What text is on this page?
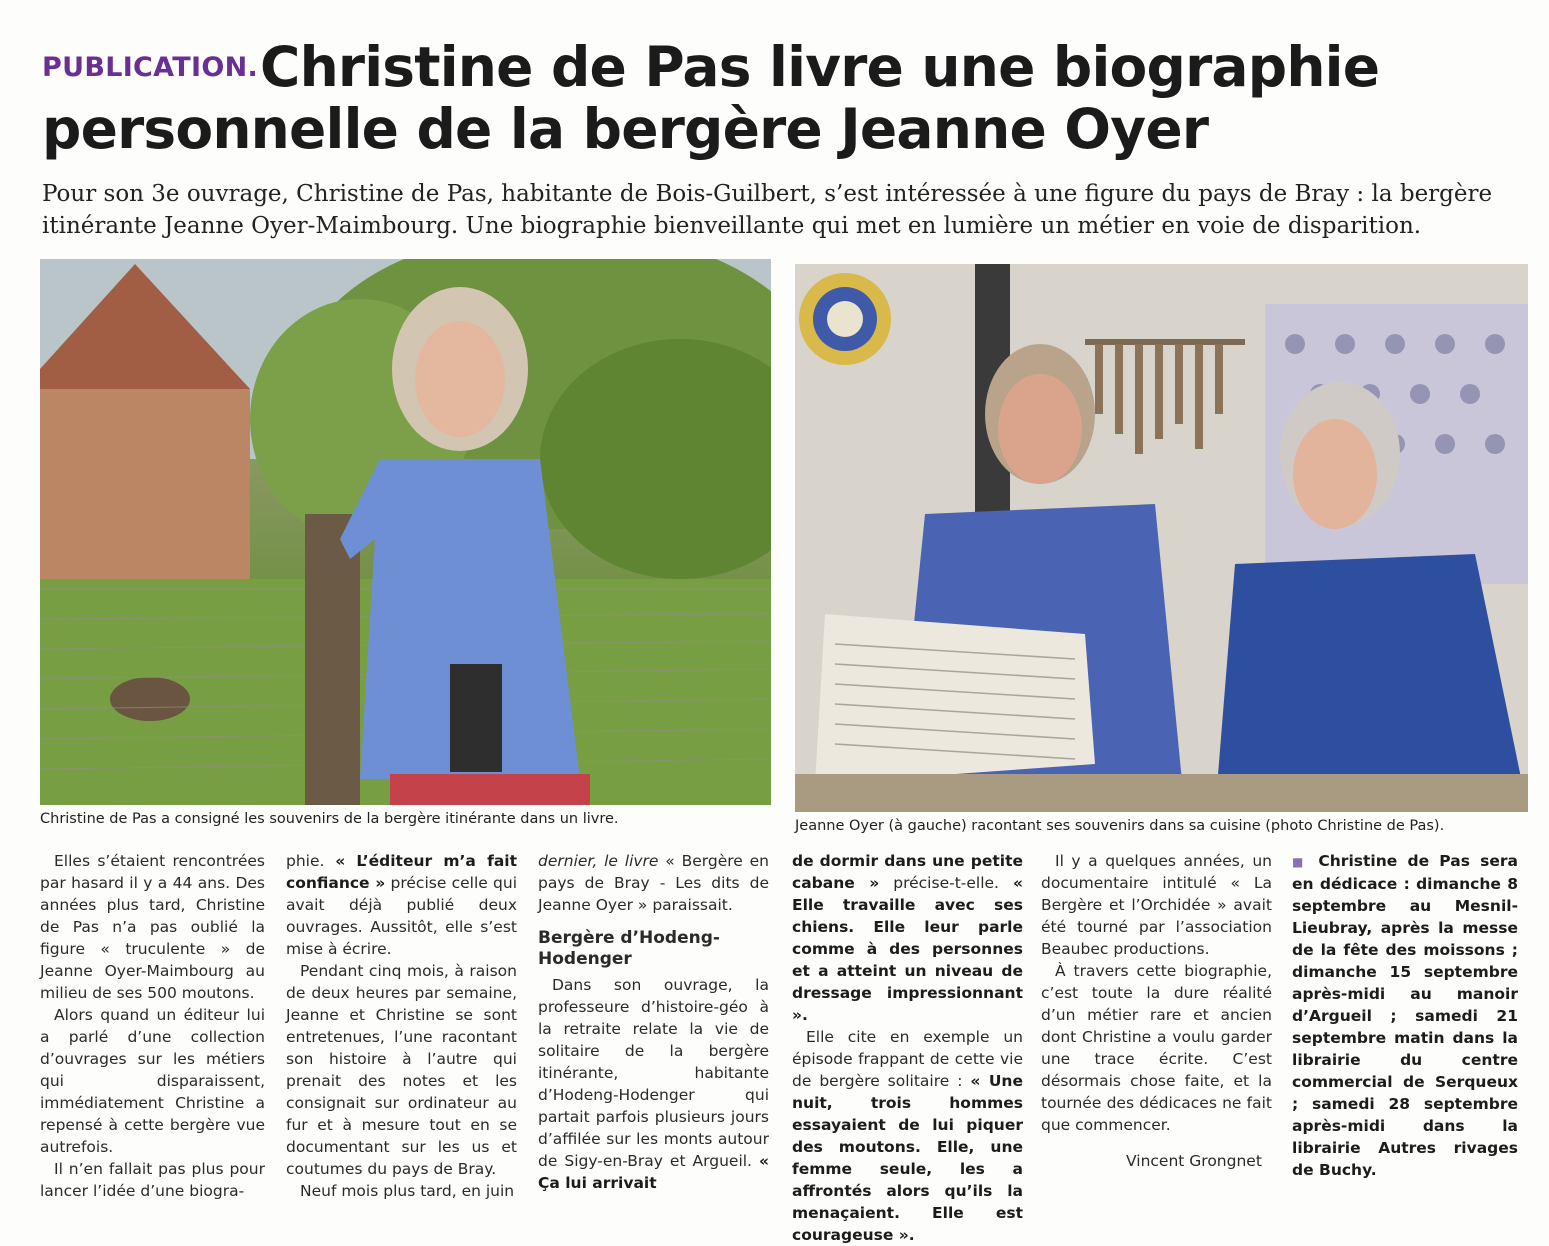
PUBLICATION. Christine de Pas livre une biographie
personnelle de la bergère Jeanne Oyer
Pour son 3e ouvrage, Christine de Pas, habitante de Bois-Guilbert, s’est intéressée à une figure du pays de Bray : la bergère itinérante Jeanne Oyer-Maimbourg. Une biographie bienveillante qui met en lumière un métier en voie de disparition.
Christine de Pas a consigné les souvenirs de la bergère itinérante dans un livre.	Jeanne Oyer (à gauche) racontant ses souvenirs dans sa cuisine (photo Christine de Pas).

Elles s’étaient rencontrées par hasard il y a 44 ans. Des années plus tard, Christine de Pas n’a pas oublié la figure « truculente » de Jeanne Oyer-Maimbourg au milieu de ses 500 moutons.

Alors quand un éditeur lui a parlé d’une collection d’ouvrages sur les métiers qui disparaissent, immédiatement Christine a repensé à cette bergère vue autrefois.

Il n’en fallait pas plus pour lancer l’idée d’une biogra-

phie. « L’éditeur m’a fait confiance » précise celle qui avait déjà publié deux ouvrages. Aussitôt, elle s’est mise à écrire.

Pendant cinq mois, à raison de deux heures par semaine, Jeanne et Christine se sont entretenues, l’une racontant son histoire à l’autre qui prenait des notes et les consignait sur ordinateur au fur et à mesure tout en se documentant sur les us et coutumes du pays de Bray.

Neuf mois plus tard, en juin

dernier, le livre « Bergère en pays de Bray - Les dits de Jeanne Oyer » paraissait.

Bergère d’Hodeng-Hodenger

Dans son ouvrage, la professeure d’histoire-géo à la retraite relate la vie de solitaire de la bergère itinérante, habitante d’Hodeng-Hodenger qui partait parfois plusieurs jours d’affilée sur les monts autour de Sigy-en-Bray et Argueil. « Ça lui arrivait

de dormir dans une petite cabane » précise-t-elle. « Elle travaille avec ses chiens. Elle leur parle comme à des personnes et a atteint un niveau de dressage impressionnant ».

Elle cite en exemple un épisode frappant de cette vie de bergère solitaire : « Une nuit, trois hommes essayaient de lui piquer des moutons. Elle, une femme seule, les a affrontés alors qu’ils la menaçaient. Elle est courageuse ».

Il y a quelques années, un documentaire intitulé « La Bergère et l’Orchidée » avait été tourné par l’association Beaubec productions.

À travers cette biographie, c’est toute la dure réalité d’un métier rare et ancien dont Christine a voulu garder une trace écrite. C’est désormais chose faite, et la tournée des dédicaces ne fait que commencer.

■ Christine de Pas sera en dédicace : dimanche 8 septembre au Mesnil-Lieubray, après la messe de la fête des moissons ; dimanche 15 septembre après-midi au manoir d’Argueil ; samedi 21 septembre matin dans la librairie du centre commercial de Serqueux ; samedi 28 septembre après-midi dans la librairie Autres rivages de Buchy.

Vincent Grongnet
